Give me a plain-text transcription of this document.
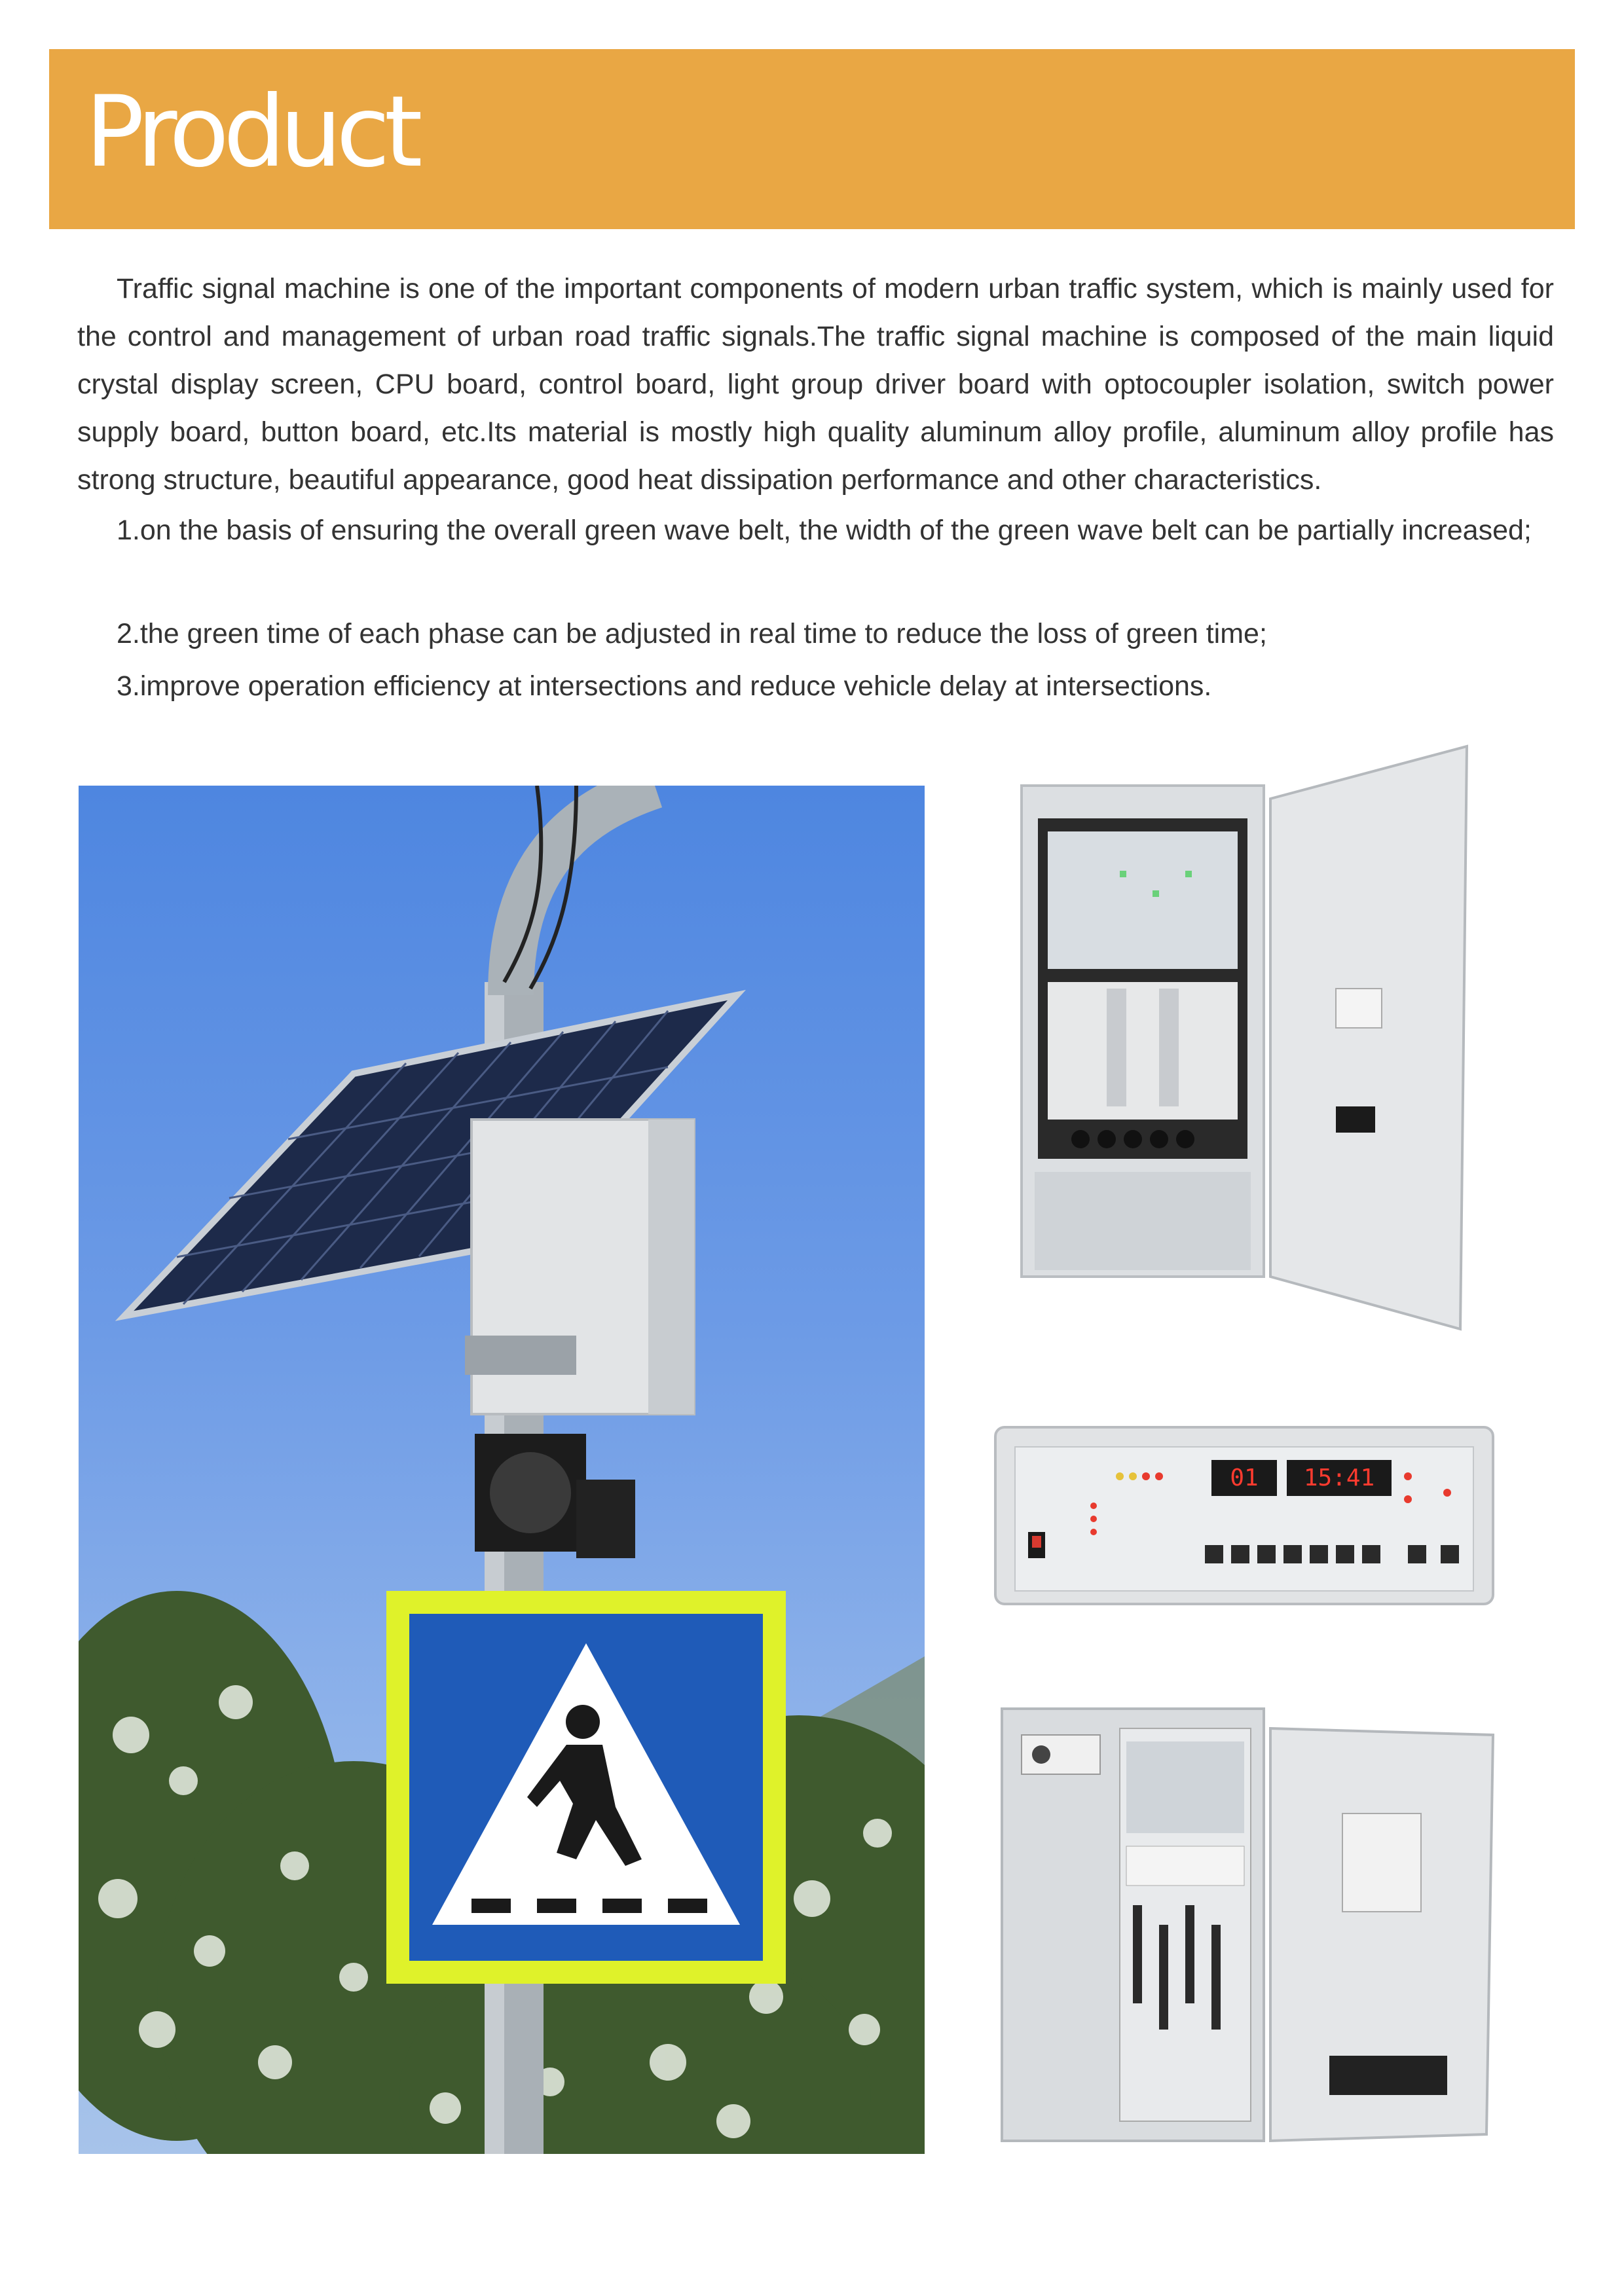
Product

Traffic signal machine is one of the important components of modern urban traffic system, which is mainly used for the control and management of urban road traffic signals.The traffic signal machine is composed of the main liquid crystal display screen, CPU board, control board, light group driver board with optocoupler isolation, switch power supply board, button board, etc.Its material is mostly high quality aluminum alloy profile, aluminum alloy profile has strong structure, beautiful appearance, good heat dissipation performance and other characteristics.

1.on the basis of ensuring the overall green wave belt, the width of the green wave belt can be partially increased;

2.the green time of each phase can be adjusted in real time to reduce the loss of green time;

3.improve operation efficiency at intersections and reduce vehicle delay at intersections.

01	15:41
